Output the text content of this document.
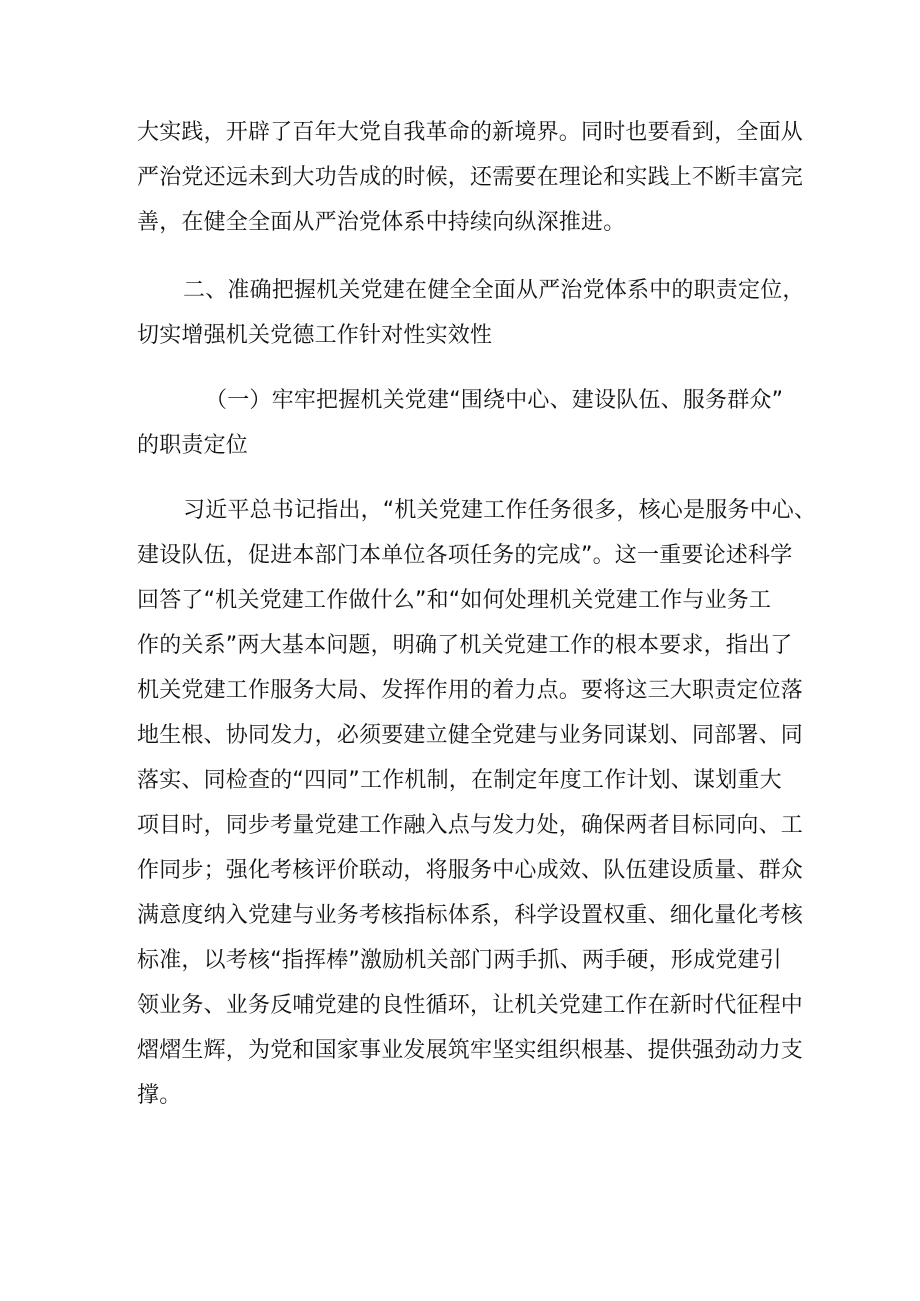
大实践，开辟了百年大党自我革命的新境界。同时也要看到，全面从
严治党还远未到大功告成的时候，还需要在理论和实践上不断丰富完
善，在健全全面从严治党体系中持续向纵深推进。
二、准确把握机关党建在健全全面从严治党体系中的职责定位，
切实增强机关党德工作针对性实效性
（一）牢牢把握机关党建“围绕中心、建设队伍、服务群众”
的职责定位
习近平总书记指出，“机关党建工作任务很多，核心是服务中心、
建设队伍，促进本部门本单位各项任务的完成”。这一重要论述科学
回答了“机关党建工作做什么”和“如何处理机关党建工作与业务工
作的关系”两大基本问题，明确了机关党建工作的根本要求，指出了
机关党建工作服务大局、发挥作用的着力点。要将这三大职责定位落
地生根、协同发力，必须要建立健全党建与业务同谋划、同部署、同
落实、同检查的“四同”工作机制，在制定年度工作计划、谋划重大
项目时，同步考量党建工作融入点与发力处，确保两者目标同向、工
作同步；强化考核评价联动，将服务中心成效、队伍建设质量、群众
满意度纳入党建与业务考核指标体系，科学设置权重、细化量化考核
标准，以考核“指挥棒”激励机关部门两手抓、两手硬，形成党建引
领业务、业务反哺党建的良性循环，让机关党建工作在新时代征程中
熠熠生辉，为党和国家事业发展筑牢坚实组织根基、提供强劲动力支
撑。
